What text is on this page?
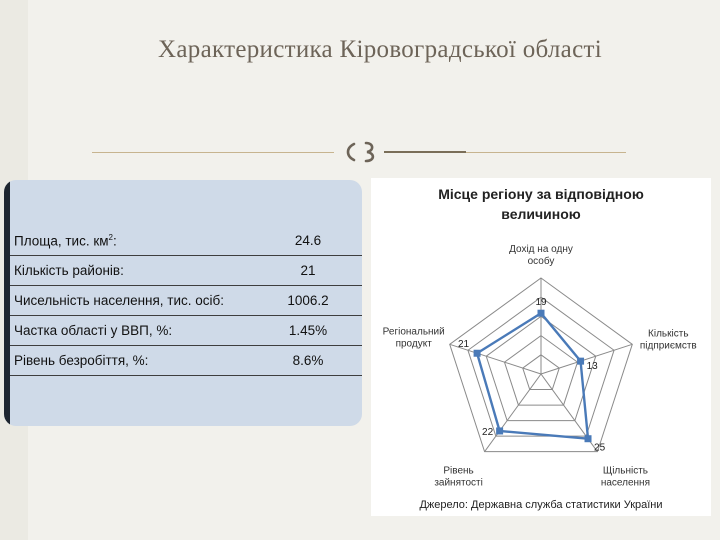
Характеристика Кіровоградської області
Площа, тис. $км^2$:	24.6
Кількість районів:	21
Чисельність населення, тис. осіб:	1006.2
Частка області у ВВП, %:	1.45%
Рівень безробіття, %:	8.6%
Місце регіону за відповідною
величиною
Дохід на одну особу
Кількість підприємств
Щільність населення
Рівень зайнятості
Регіональний продукт
19
13
25
22
21
Джерело: Державна служба статистики України
